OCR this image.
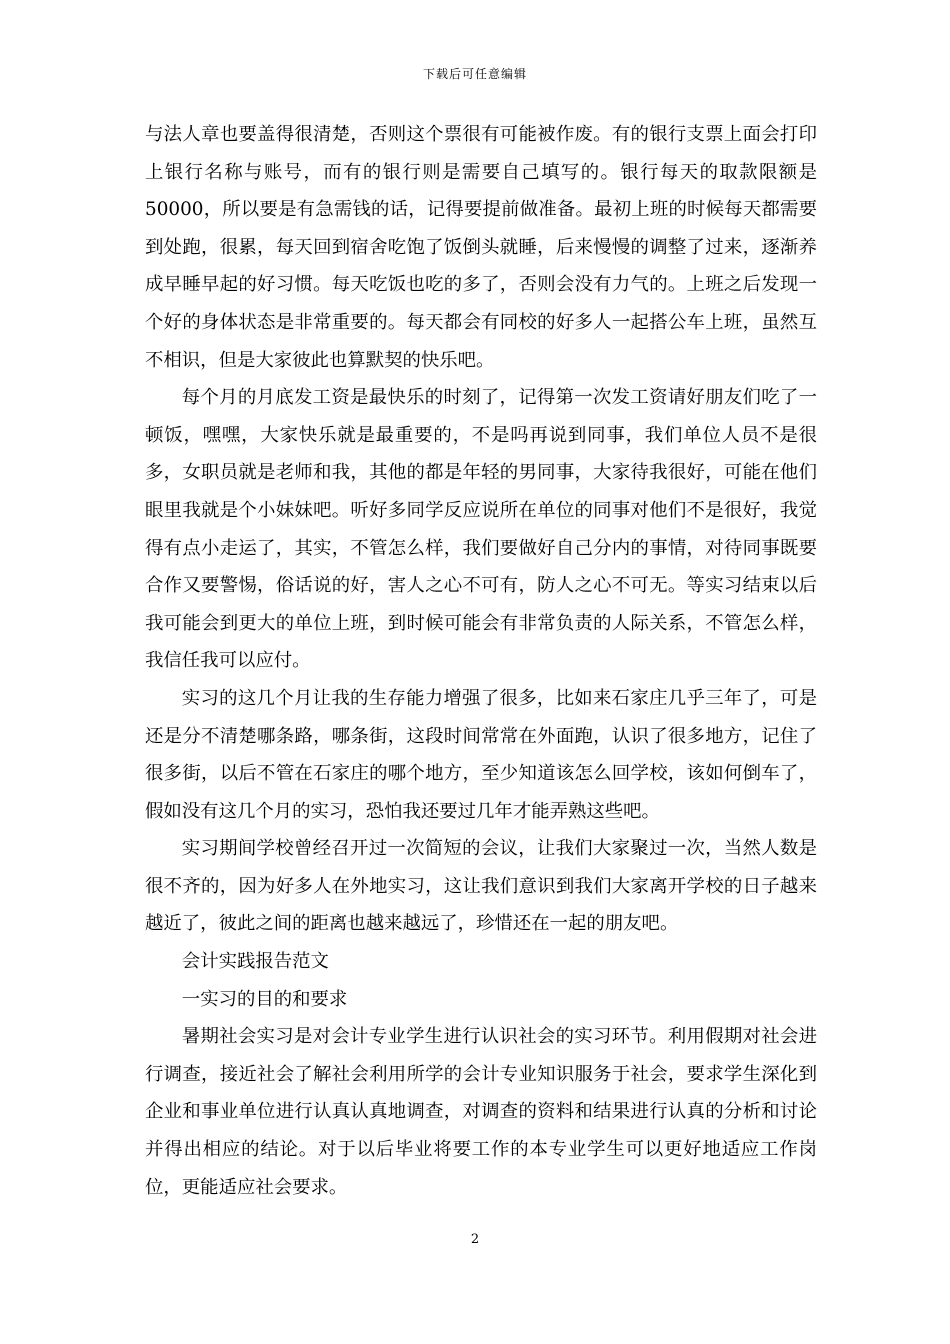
下载后可任意编辑

与法人章也要盖得很清楚，否则这个票很有可能被作废。有的银行支票上面会打印上银行名称与账号，而有的银行则是需要自己填写的。银行每天的取款限额是50000，所以要是有急需钱的话，记得要提前做准备。最初上班的时候每天都需要到处跑，很累，每天回到宿舍吃饱了饭倒头就睡，后来慢慢的调整了过来，逐渐养成早睡早起的好习惯。每天吃饭也吃的多了，否则会没有力气的。上班之后发现一个好的身体状态是非常重要的。每天都会有同校的好多人一起搭公车上班，虽然互不相识，但是大家彼此也算默契的快乐吧。

每个月的月底发工资是最快乐的时刻了，记得第一次发工资请好朋友们吃了一顿饭，嘿嘿，大家快乐就是最重要的，不是吗再说到同事，我们单位人员不是很多，女职员就是老师和我，其他的都是年轻的男同事，大家待我很好，可能在他们眼里我就是个小妹妹吧。听好多同学反应说所在单位的同事对他们不是很好，我觉得有点小走运了，其实，不管怎么样，我们要做好自己分内的事情，对待同事既要合作又要警惕，俗话说的好，害人之心不可有，防人之心不可无。等实习结束以后我可能会到更大的单位上班，到时候可能会有非常负责的人际关系，不管怎么样，我信任我可以应付。

实习的这几个月让我的生存能力增强了很多，比如来石家庄几乎三年了，可是还是分不清楚哪条路，哪条街，这段时间常常在外面跑，认识了很多地方，记住了很多街，以后不管在石家庄的哪个地方，至少知道该怎么回学校，该如何倒车了，假如没有这几个月的实习，恐怕我还要过几年才能弄熟这些吧。

实习期间学校曾经召开过一次简短的会议，让我们大家聚过一次，当然人数是很不齐的，因为好多人在外地实习，这让我们意识到我们大家离开学校的日子越来越近了，彼此之间的距离也越来越远了，珍惜还在一起的朋友吧。

会计实践报告范文

一实习的目的和要求

暑期社会实习是对会计专业学生进行认识社会的实习环节。利用假期对社会进行调查，接近社会了解社会利用所学的会计专业知识服务于社会，要求学生深化到企业和事业单位进行认真认真地调查，对调查的资料和结果进行认真的分析和讨论并得出相应的结论。对于以后毕业将要工作的本专业学生可以更好地适应工作岗位，更能适应社会要求。

2
